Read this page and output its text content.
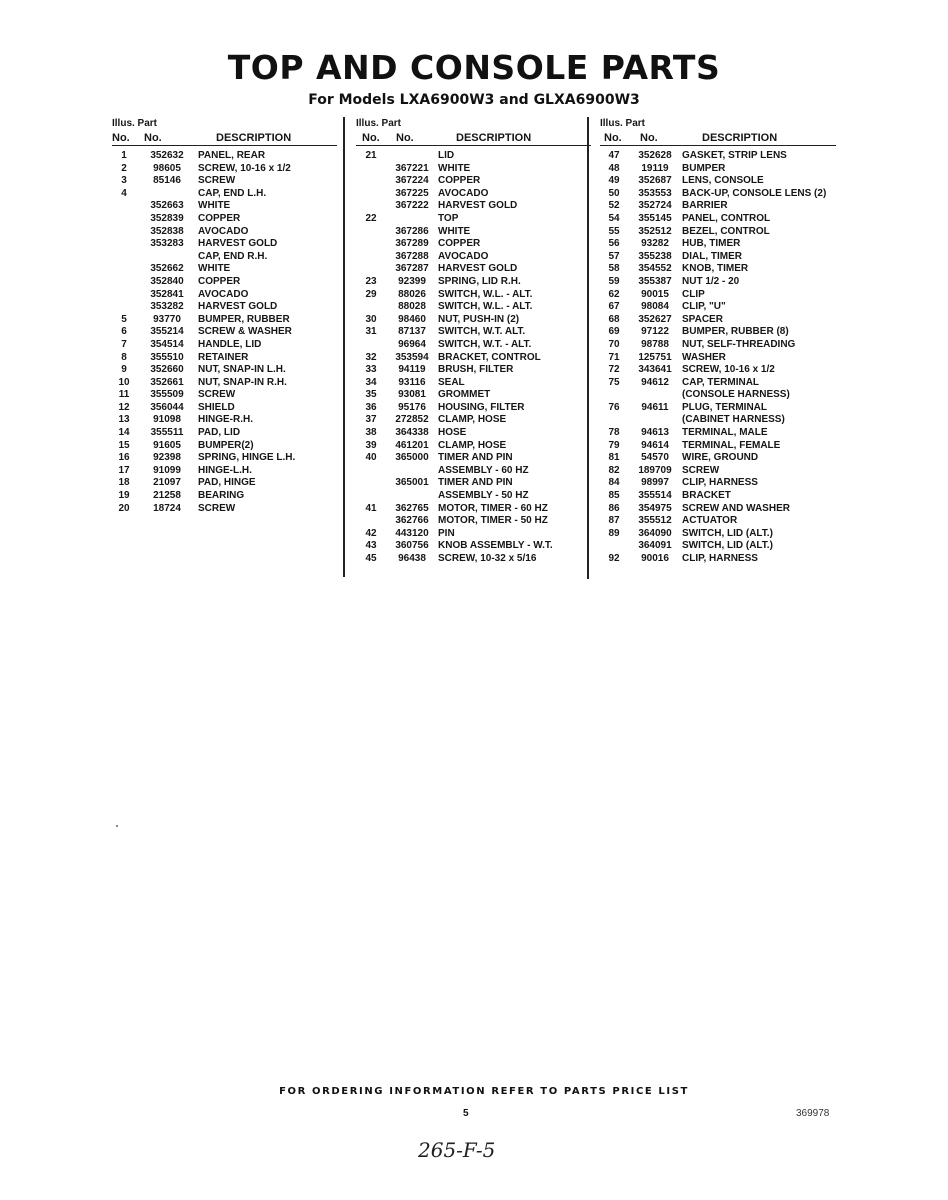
TOP AND CONSOLE PARTS
For Models LXA6900W3 and GLXA6900W3
Illus. Part
No. No.	DESCRIPTION
1	352632	PANEL, REAR
2	98605	SCREW, 10-16 x 1/2
3	85146	SCREW
4	CAP, END L.H.
352663	WHITE
352839	COPPER
352838	AVOCADO
353283	HARVEST GOLD
CAP, END R.H.
352662	WHITE
352840	COPPER
352841	AVOCADO
353282	HARVEST GOLD
5	93770	BUMPER, RUBBER
6	355214	SCREW & WASHER
7	354514	HANDLE, LID
8	355510	RETAINER
9	352660	NUT, SNAP-IN L.H.
10	352661	NUT, SNAP-IN R.H.
11	355509	SCREW
12	356044	SHIELD
13	91098	HINGE-R.H.
14	355511	PAD, LID
15	91605	BUMPER(2)
16	92398	SPRING, HINGE L.H.
17	91099	HINGE-L.H.
18	21097	PAD, HINGE
19	21258	BEARING
20	18724	SCREW
Illus. Part
No. No.	DESCRIPTION
21	LID
367221 WHITE
367224 COPPER
367225 AVOCADO
367222 HARVEST GOLD
22	TOP
367286 WHITE
367289 COPPER
367288 AVOCADO
367287 HARVEST GOLD
23	92399	SPRING, LID R.H.
29	88026	SWITCH, W.L. - ALT.
88028	SWITCH, W.L. - ALT.
30	98460	NUT, PUSH-IN (2)
31	87137	SWITCH, W.T. ALT.
96964	SWITCH, W.T. - ALT.
32	353594 BRACKET, CONTROL
33	94119	BRUSH, FILTER
34	93116	SEAL
35	93081	GROMMET
36	95176	HOUSING, FILTER
37	272852 CLAMP, HOSE
38	364338 HOSE
39	461201 CLAMP, HOSE
40	365000 TIMER AND PIN
ASSEMBLY - 60 HZ
365001 TIMER AND PIN
ASSEMBLY - 50 HZ
41	362765 MOTOR, TIMER - 60 HZ
362766 MOTOR, TIMER - 50 HZ
42	443120 PIN
43	360756 KNOB ASSEMBLY - W.T.
45	96438	SCREW, 10-32 x 5/16
Illus. Part
No. No.	DESCRIPTION
47	352628	GASKET, STRIP LENS
48	19119	BUMPER
49	352687	LENS, CONSOLE
50	353553	BACK-UP, CONSOLE LENS (2)
52	352724	BARRIER
54	355145	PANEL, CONTROL
55	352512	BEZEL, CONTROL
56	93282	HUB, TIMER
57	355238	DIAL, TIMER
58	354552	KNOB, TIMER
59	355387	NUT 1/2 - 20
62	90015	CLIP
67	98084	CLIP, "U"
68	352627	SPACER
69	97122	BUMPER, RUBBER (8)
70	98788	NUT, SELF-THREADING
71	125751	WASHER
72	343641	SCREW, 10-16 x 1/2
75	94612	CAP, TERMINAL
(CONSOLE HARNESS)
76	94611	PLUG, TERMINAL
(CABINET HARNESS)
78	94613	TERMINAL, MALE
79	94614	TERMINAL, FEMALE
81	54570	WIRE, GROUND
82	189709	SCREW
84	98997	CLIP, HARNESS
85	355514	BRACKET
86	354975	SCREW AND WASHER
87	355512	ACTUATOR
89	364090	SWITCH, LID (ALT.)
364091	SWITCH, LID (ALT.)
92	90016	CLIP, HARNESS
FOR ORDERING INFORMATION REFER TO PARTS PRICE LIST
5	369978
265-F-5
